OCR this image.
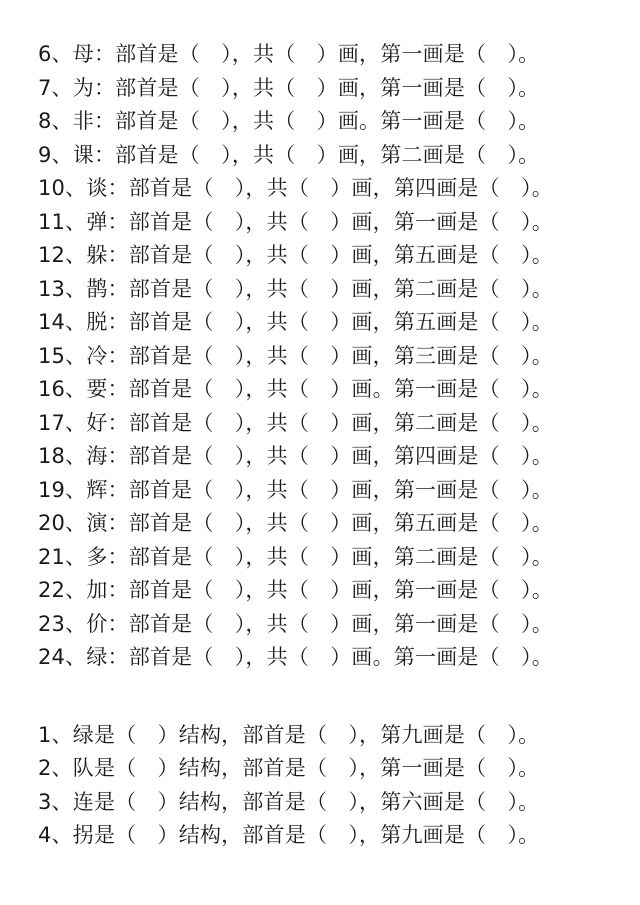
6、母：部首是（　），共（　）画，第一画是（　）。
7、为：部首是（　），共（　）画，第一画是（　）。
8、非：部首是（　），共（　）画。第一画是（　）。
9、课：部首是（　），共（　）画，第二画是（　）。
10、谈：部首是（　），共（　）画，第四画是（　）。
11、弹：部首是（　），共（　）画，第一画是（　）。
12、躲：部首是（　），共（　）画，第五画是（　）。
13、鹊：部首是（　），共（　）画，第二画是（　）。
14、脱：部首是（　），共（　）画，第五画是（　）。
15、冷：部首是（　），共（　）画，第三画是（　）。
16、要：部首是（　），共（　）画。第一画是（　）。
17、好：部首是（　），共（　）画，第二画是（　）。
18、海：部首是（　），共（　）画，第四画是（　）。
19、辉：部首是（　），共（　）画，第一画是（　）。
20、演：部首是（　），共（　）画，第五画是（　）。
21、多：部首是（　），共（　）画，第二画是（　）。
22、加：部首是（　），共（　）画，第一画是（　）。
23、价：部首是（　），共（　）画，第一画是（　）。
24、绿：部首是（　），共（　）画。第一画是（　）。
1、绿是（　）结构，部首是（　），第九画是（　）。
2、队是（　）结构，部首是（　），第一画是（　）。
3、连是（　）结构，部首是（　），第六画是（　）。
4、拐是（　）结构，部首是（　），第九画是（　）。
